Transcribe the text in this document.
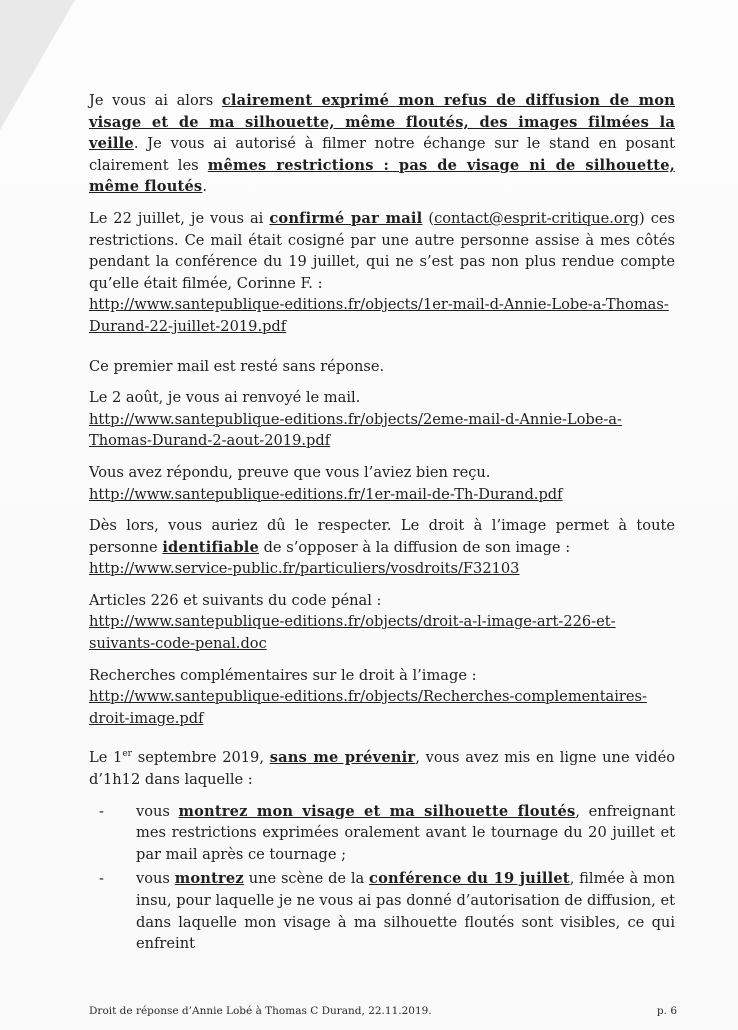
Je vous ai alors clairement exprimé mon refus de diffusion de mon visage et de ma silhouette, même floutés, des images filmées la veille. Je vous ai autorisé à filmer notre échange sur le stand en posant clairement les mêmes restrictions : pas de visage ni de silhouette, même floutés.

Le 22 juillet, je vous ai confirmé par mail (contact@esprit-critique.org) ces restrictions. Ce mail était cosigné par une autre personne assise à mes côtés pendant la conférence du 19 juillet, qui ne s’est pas non plus rendue compte qu’elle était filmée, Corinne F. :
http://www.santepublique-editions.fr/objects/1er-mail-d-Annie-Lobe-a-Thomas-Durand-22-juillet-2019.pdf

Ce premier mail est resté sans réponse.

Le 2 août, je vous ai renvoyé le mail.
http://www.santepublique-editions.fr/objects/2eme-mail-d-Annie-Lobe-a-Thomas-Durand-2-aout-2019.pdf

Vous avez répondu, preuve que vous l’aviez bien reçu.
http://www.santepublique-editions.fr/1er-mail-de-Th-Durand.pdf

Dès lors, vous auriez dû le respecter. Le droit à l’image permet à toute personne identifiable de s’opposer à la diffusion de son image :
http://www.service-public.fr/particuliers/vosdroits/F32103

Articles 226 et suivants du code pénal :
http://www.santepublique-editions.fr/objects/droit-a-l-image-art-226-et-suivants-code-penal.doc

Recherches complémentaires sur le droit à l’image :
http://www.santepublique-editions.fr/objects/Recherches-complementaires-droit-image.pdf

Le 1er septembre 2019, sans me prévenir, vous avez mis en ligne une vidéo d’1h12 dans laquelle :

- vous montrez mon visage et ma silhouette floutés, enfreignant mes restrictions exprimées oralement avant le tournage du 20 juillet et par mail après ce tournage ;
- vous montrez une scène de la conférence du 19 juillet, filmée à mon insu, pour laquelle je ne vous ai pas donné d’autorisation de diffusion, et dans laquelle mon visage à ma silhouette floutés sont visibles, ce qui enfreint
Droit de réponse d’Annie Lobé à Thomas C Durand, 22.11.2019.	p. 6
